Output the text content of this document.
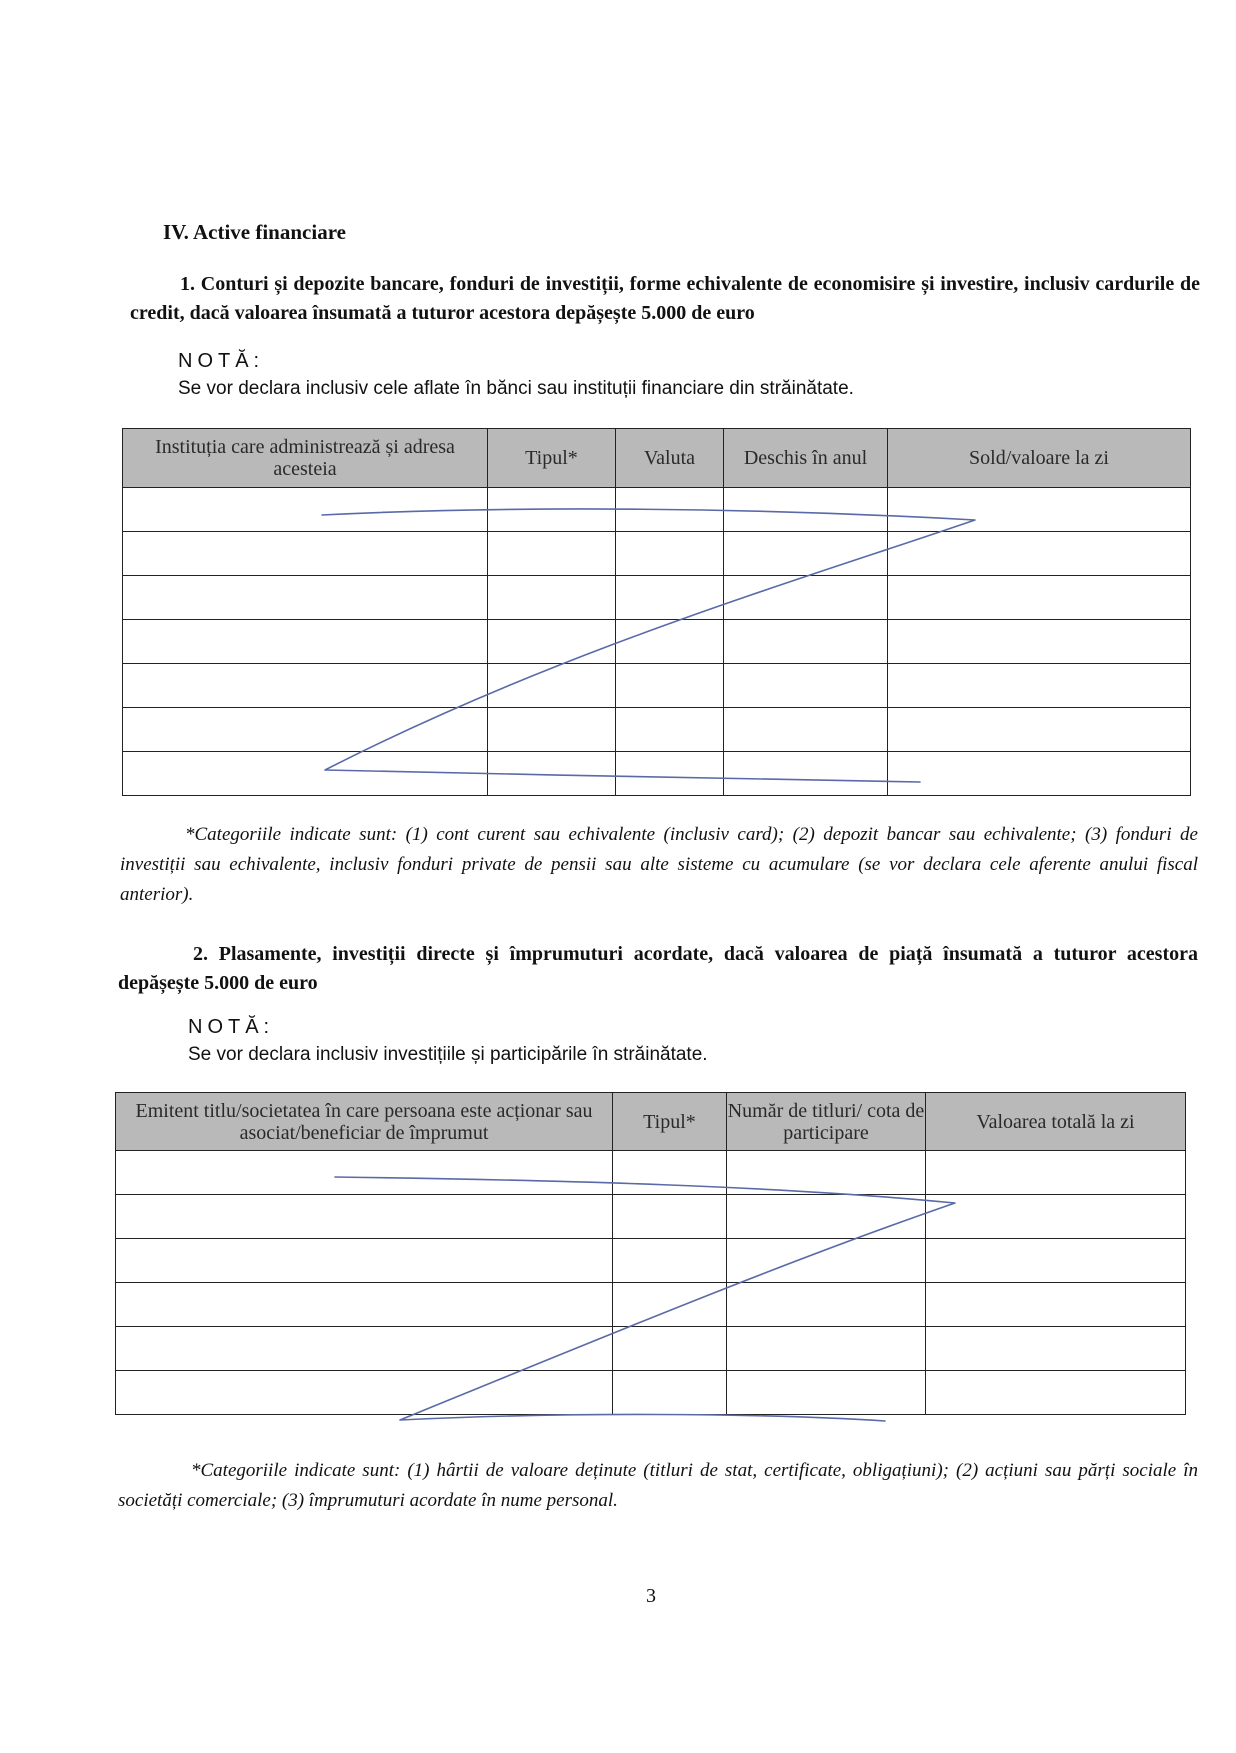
IV. Active financiare
1. Conturi și depozite bancare, fonduri de investiții, forme echivalente de economisire și investire, inclusiv cardurile de credit, dacă valoarea însumată a tuturor acestora depășește 5.000 de euro
NOTĂ:
Se vor declara inclusiv cele aflate în bănci sau instituții financiare din străinătate.
Instituția care administrează și adresa acesteia	Tipul*	Valuta	Deschis în anul	Sold/valoare la zi

*Categoriile indicate sunt: (1) cont curent sau echivalente (inclusiv card); (2) depozit bancar sau echivalente; (3) fonduri de investiții sau echivalente, inclusiv fonduri private de pensii sau alte sisteme cu acumulare (se vor declara cele aferente anului fiscal anterior).
2. Plasamente, investiții directe și împrumuturi acordate, dacă valoarea de piață însumată a tuturor acestora depășește 5.000 de euro
NOTĂ:
Se vor declara inclusiv investițiile și participările în străinătate.
Emitent titlu/societatea în care persoana este acționar sau asociat/beneficiar de împrumut	Tipul*	Număr de titluri/ cota de participare	Valoarea totală la zi

*Categoriile indicate sunt: (1) hârtii de valoare deținute (titluri de stat, certificate, obligațiuni); (2) acțiuni sau părți sociale în societăți comerciale; (3) împrumuturi acordate în nume personal.
3
